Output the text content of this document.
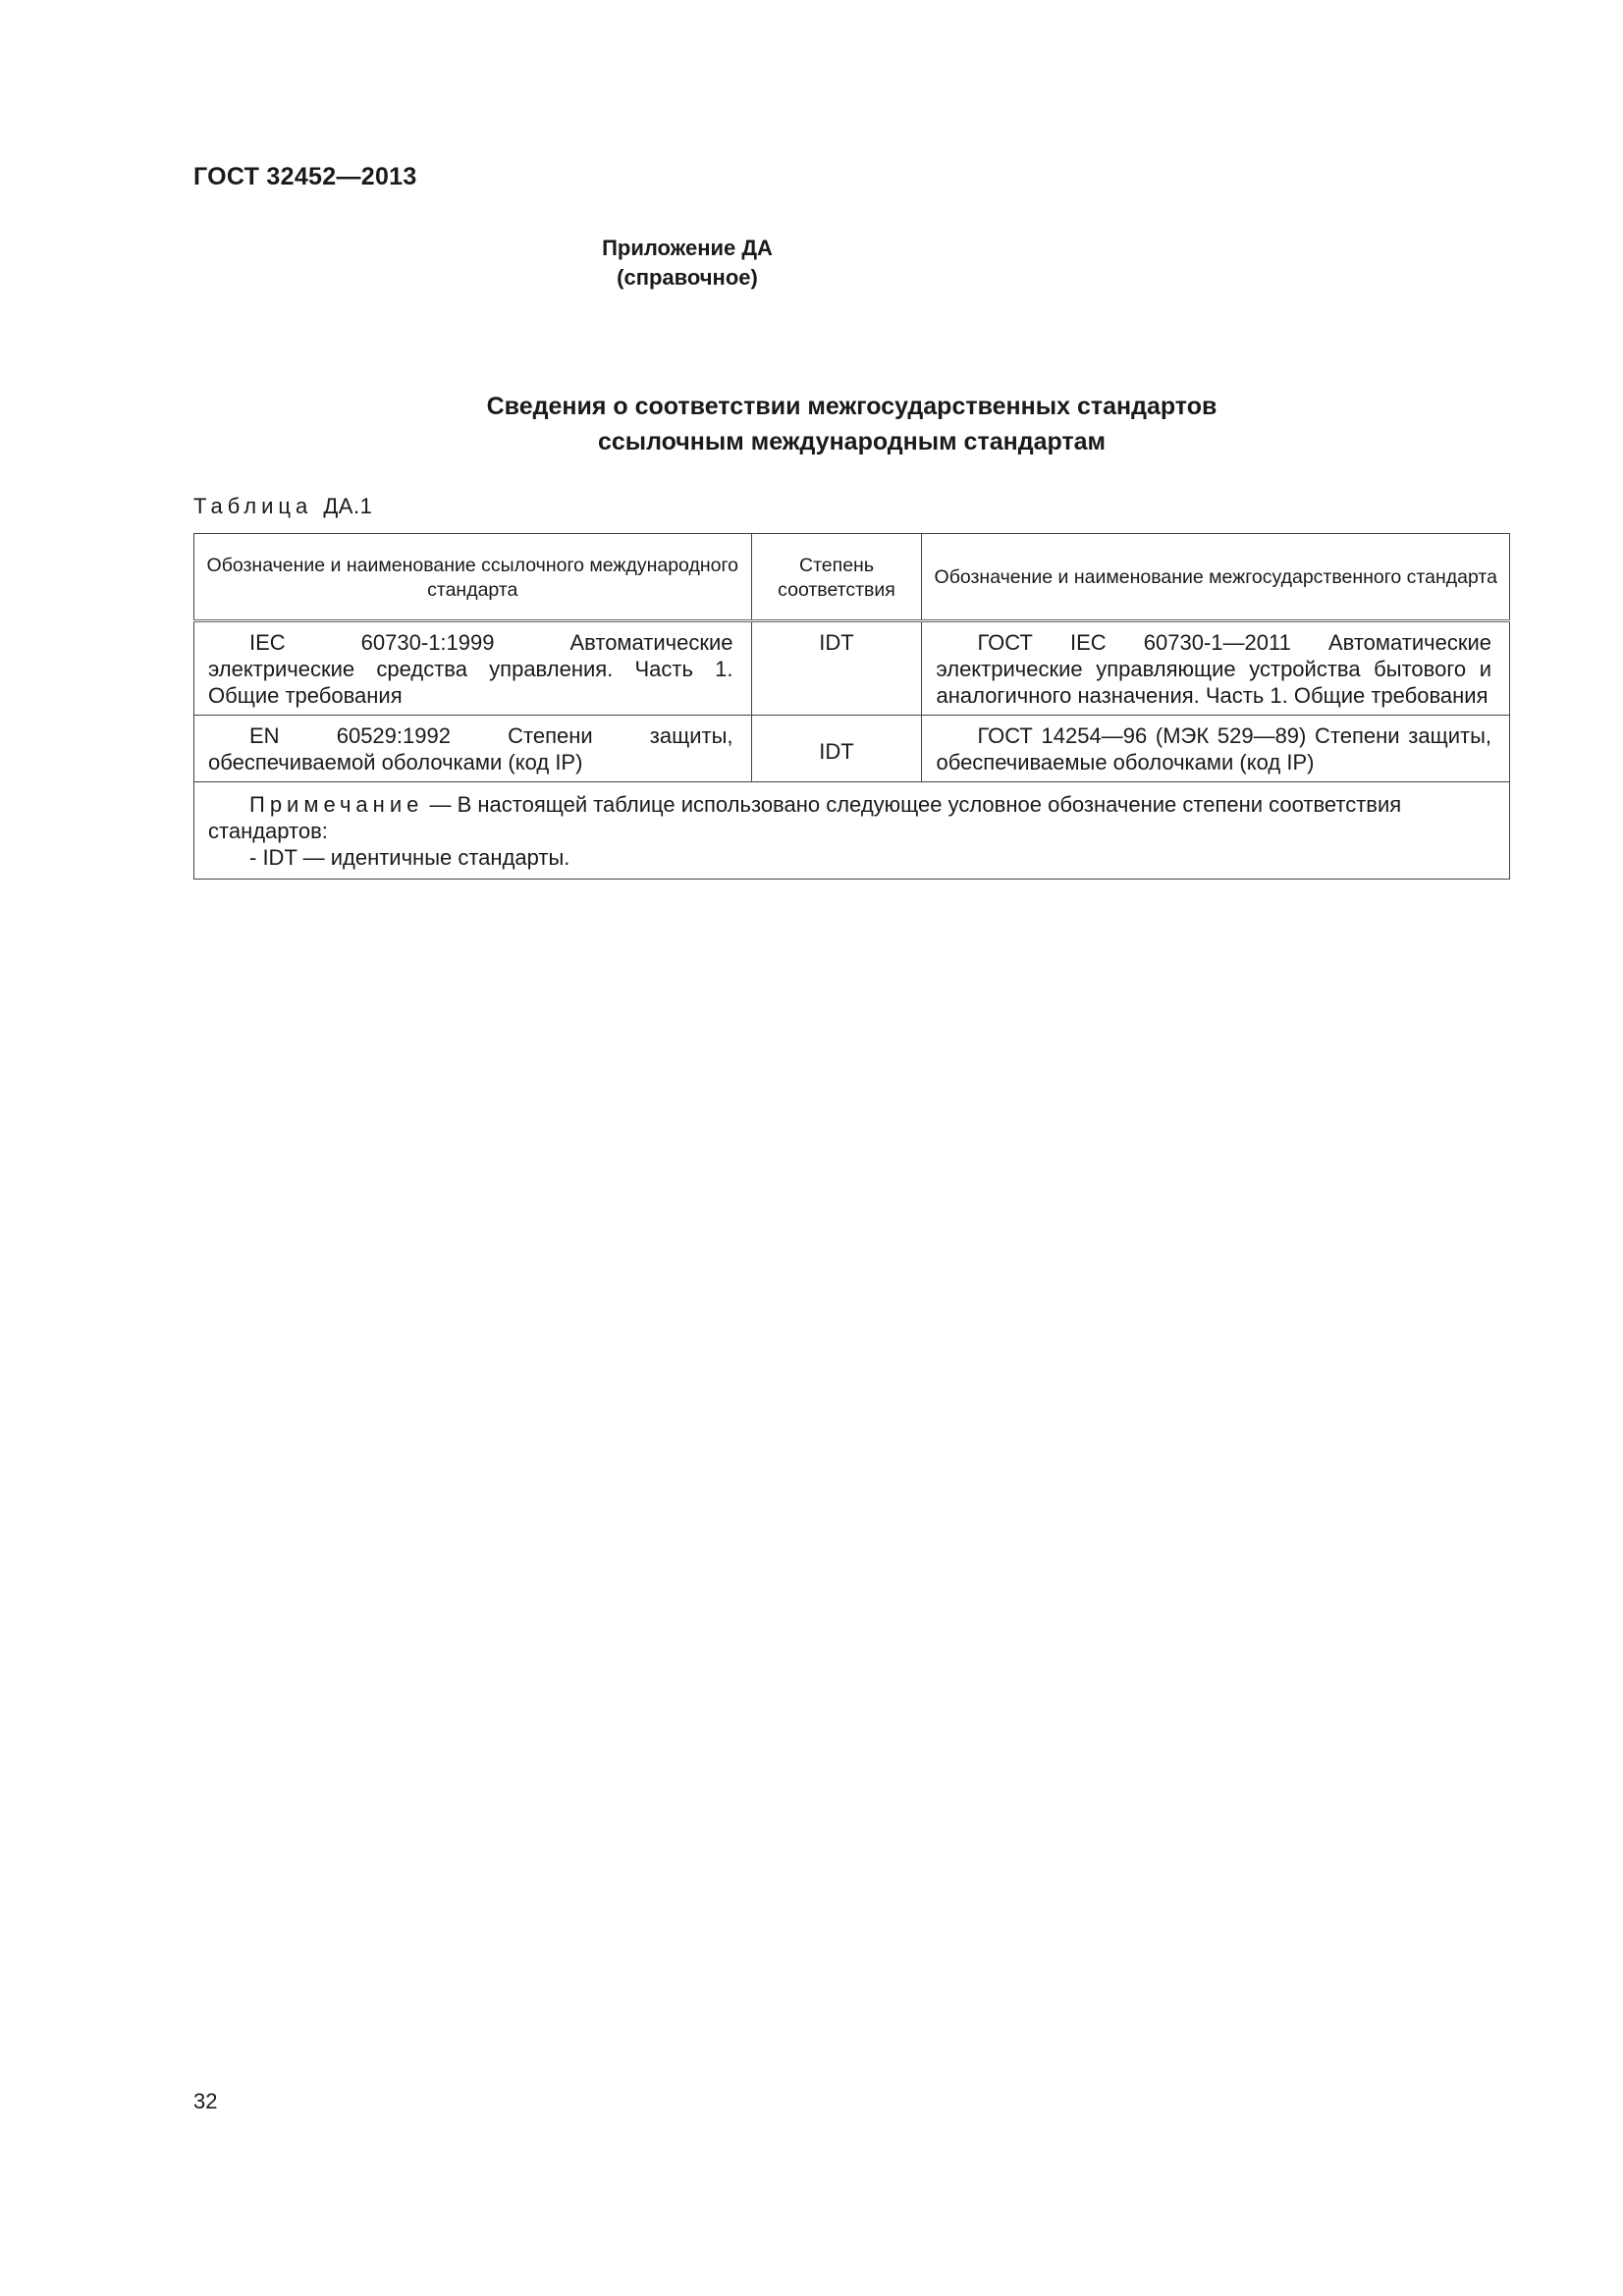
ГОСТ 32452—2013
Приложение ДА
(справочное)
Сведения о соответствии межгосударственных стандартов
ссылочным международным стандартам
Таблица ДА.1
Обозначение и наименование ссылочного международного стандарта	Степень соответствия	Обозначение и наименование межгосударственного стандарта
IEC 60730-1:1999 Автоматические электрические средства управления. Часть 1. Общие требования	IDT	ГОСТ IEC 60730-1—2011 Автоматические электрические управляющие устройства бытового и аналогичного назначения. Часть 1. Общие требования
EN 60529:1992 Степени защиты, обеспечиваемой оболочками (код IP)	IDT	ГОСТ 14254—96 (МЭК 529—89) Степени защиты, обеспечиваемые оболочками (код IP)

Примечание — В настоящей таблице использовано следующее условное обозначение степени соответствия стандартов:
- IDT — идентичные стандарты.		
32
